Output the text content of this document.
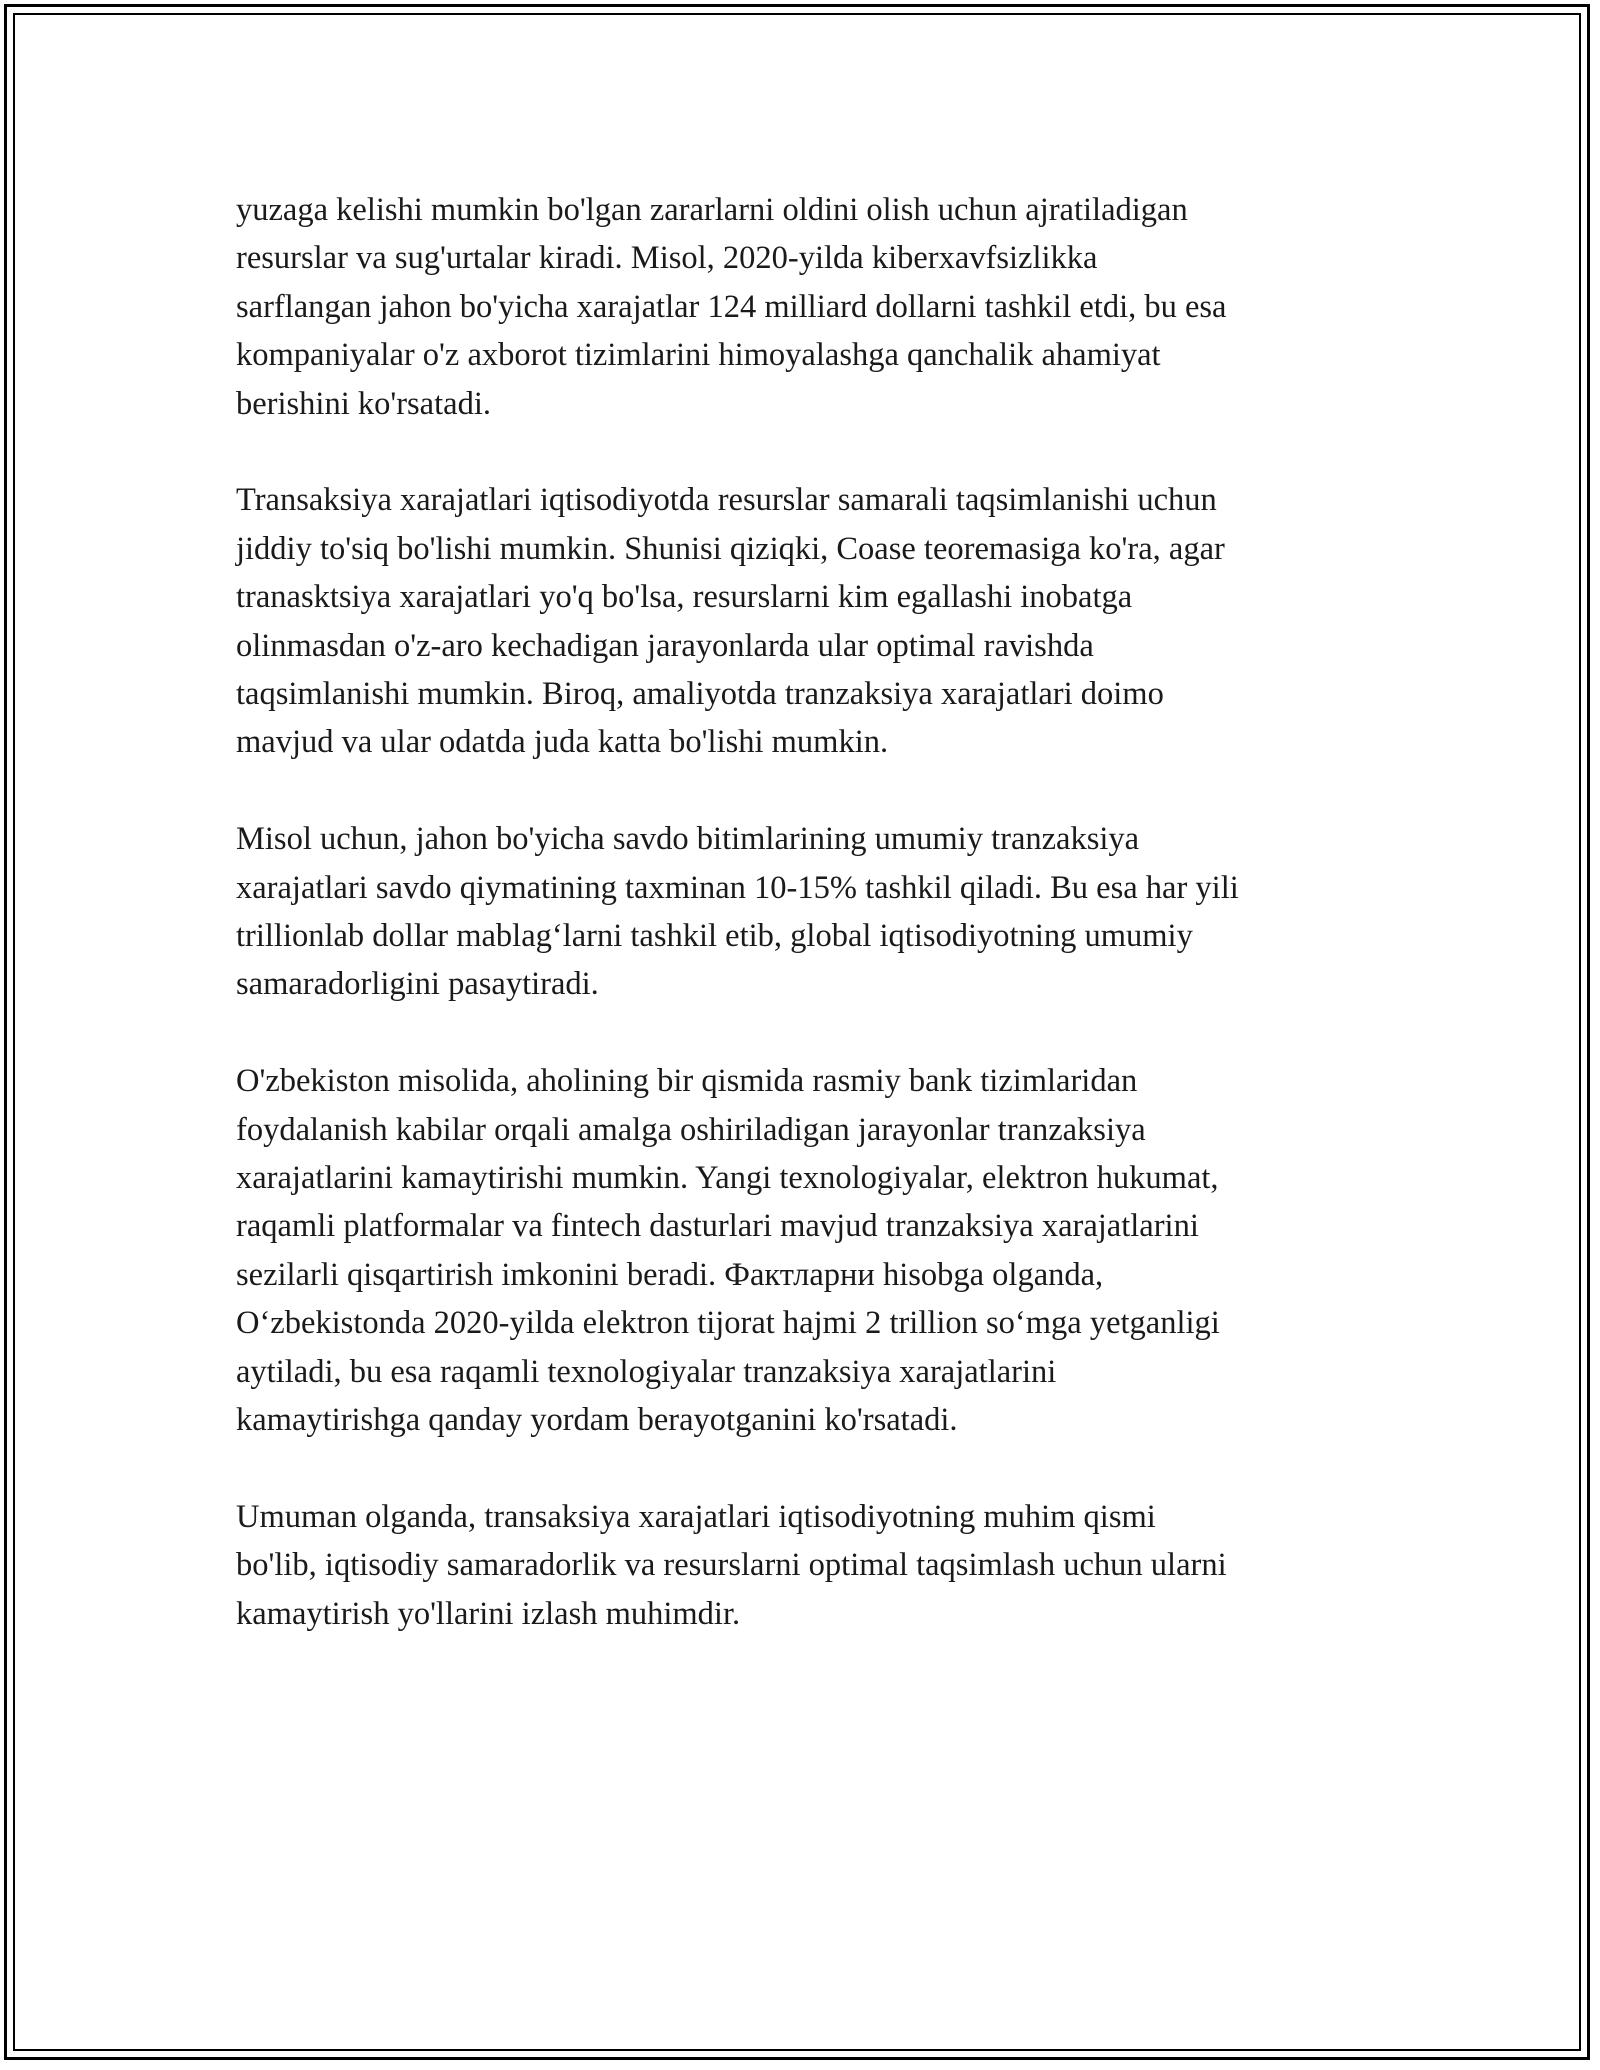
yuzaga kelishi mumkin bo'lgan zararlarni oldini olish uchun ajratiladigan
resurslar va sug'urtalar kiradi. Misol, 2020-yilda kiberxavfsizlikka
sarflangan jahon bo'yicha xarajatlar 124 milliard dollarni tashkil etdi, bu esa
kompaniyalar o'z axborot tizimlarini himoyalashga qanchalik ahamiyat
berishini ko'rsatadi.

Transaksiya xarajatlari iqtisodiyotda resurslar samarali taqsimlanishi uchun
jiddiy to'siq bo'lishi mumkin. Shunisi qiziqki, Coase teoremasiga ko'ra, agar
tranasktsiya xarajatlari yo'q bo'lsa, resurslarni kim egallashi inobatga
olinmasdan o'z-aro kechadigan jarayonlarda ular optimal ravishda
taqsimlanishi mumkin. Biroq, amaliyotda tranzaksiya xarajatlari doimo
mavjud va ular odatda juda katta bo'lishi mumkin.

Misol uchun, jahon bo'yicha savdo bitimlarining umumiy tranzaksiya
xarajatlari savdo qiymatining taxminan 10-15% tashkil qiladi. Bu esa har yili
trillionlab dollar mablag‘larni tashkil etib, global iqtisodiyotning umumiy
samaradorligini pasaytiradi.

O'zbekiston misolida, aholining bir qismida rasmiy bank tizimlaridan
foydalanish kabilar orqali amalga oshiriladigan jarayonlar tranzaksiya
xarajatlarini kamaytirishi mumkin. Yangi texnologiyalar, elektron hukumat,
raqamli platformalar va fintech dasturlari mavjud tranzaksiya xarajatlarini
sezilarli qisqartirish imkonini beradi. Фактларни hisobga olganda,
O‘zbekistonda 2020-yilda elektron tijorat hajmi 2 trillion so‘mga yetganligi
aytiladi, bu esa raqamli texnologiyalar tranzaksiya xarajatlarini
kamaytirishga qanday yordam berayotganini ko'rsatadi.

Umuman olganda, transaksiya xarajatlari iqtisodiyotning muhim qismi
bo'lib, iqtisodiy samaradorlik va resurslarni optimal taqsimlash uchun ularni
kamaytirish yo'llarini izlash muhimdir.
